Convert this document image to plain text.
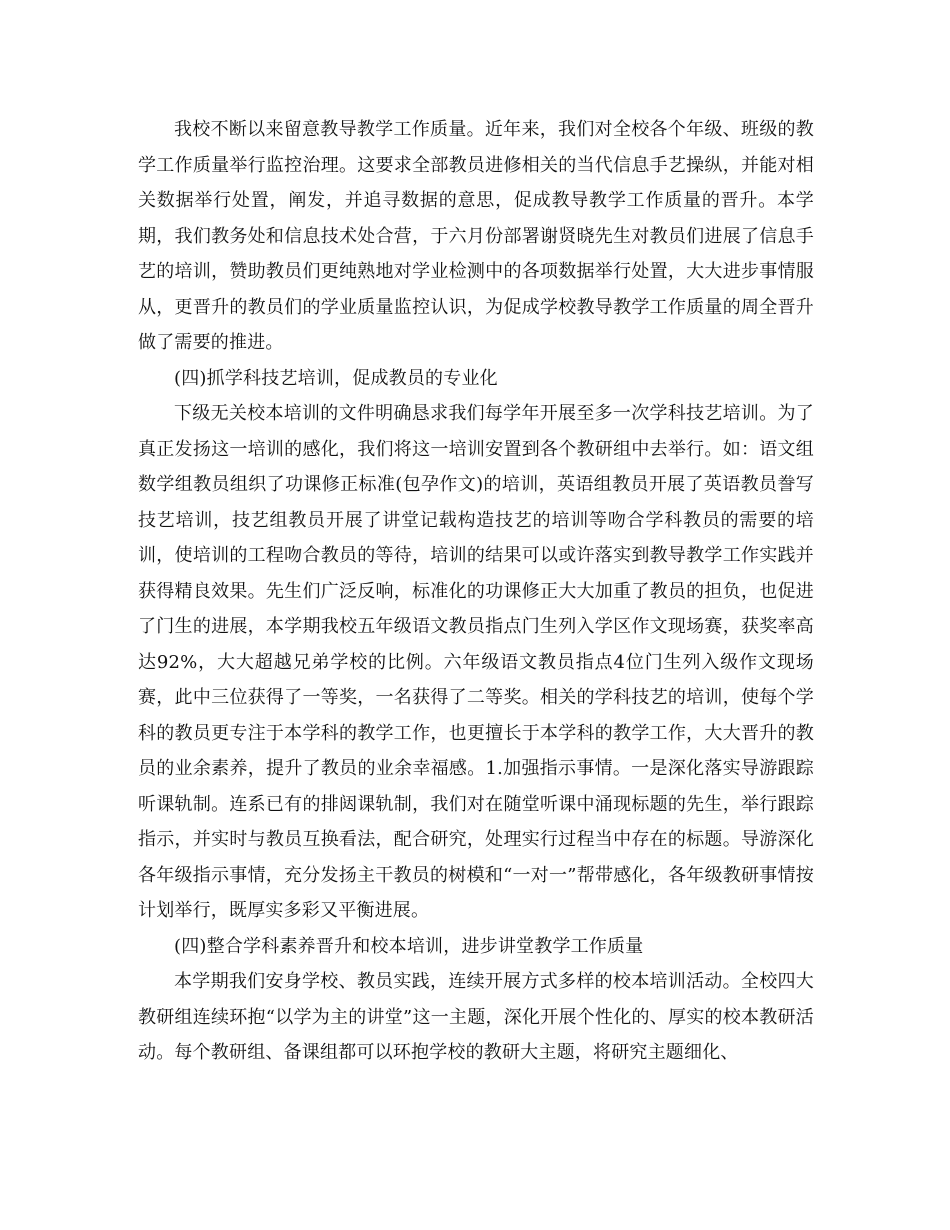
我校不断以来留意教导教学工作质量。近年来，我们对全校各个年级、班级的教学工作质量举行监控治理。这要求全部教员进修相关的当代信息手艺操纵，并能对相关数据举行处置，阐发，并追寻数据的意思，促成教导教学工作质量的晋升。本学期，我们教务处和信息技术处合营，于六月份部署谢贤晓先生对教员们进展了信息手艺的培训，赞助教员们更纯熟地对学业检测中的各项数据举行处置，大大进步事情服从，更晋升的教员们的学业质量监控认识，为促成学校教导教学工作质量的周全晋升做了需要的推进。

(四)抓学科技艺培训，促成教员的专业化

下级无关校本培训的文件明确恳求我们每学年开展至多一次学科技艺培训。为了真正发扬这一培训的感化，我们将这一培训安置到各个教研组中去举行。如：语文组数学组教员组织了功课修正标准(包孕作文)的培训，英语组教员开展了英语教员誊写技艺培训，技艺组教员开展了讲堂记载构造技艺的培训等吻合学科教员的需要的培训，使培训的工程吻合教员的等待，培训的结果可以或许落实到教导教学工作实践并获得精良效果。先生们广泛反响，标准化的功课修正大大加重了教员的担负，也促进了门生的进展，本学期我校五年级语文教员指点门生列入学区作文现场赛，获奖率高达92%，大大超越兄弟学校的比例。六年级语文教员指点4位门生列入级作文现场赛，此中三位获得了一等奖，一名获得了二等奖。相关的学科技艺的培训，使每个学科的教员更专注于本学科的教学工作，也更擅长于本学科的教学工作，大大晋升的教员的业余素养，提升了教员的业余幸福感。1.加强指示事情。一是深化落实导游跟踪听课轨制。连系已有的排闼课轨制，我们对在随堂听课中涌现标题的先生，举行跟踪指示，并实时与教员互换看法，配合研究，处理实行过程当中存在的标题。导游深化各年级指示事情，充分发扬主干教员的树模和“一对一”帮带感化，各年级教研事情按计划举行，既厚实多彩又平衡进展。

(四)整合学科素养晋升和校本培训，进步讲堂教学工作质量

本学期我们安身学校、教员实践，连续开展方式多样的校本培训活动。全校四大教研组连续环抱“以学为主的讲堂”这一主题，深化开展个性化的、厚实的校本教研活动。每个教研组、备课组都可以环抱学校的教研大主题，将研究主题细化、
